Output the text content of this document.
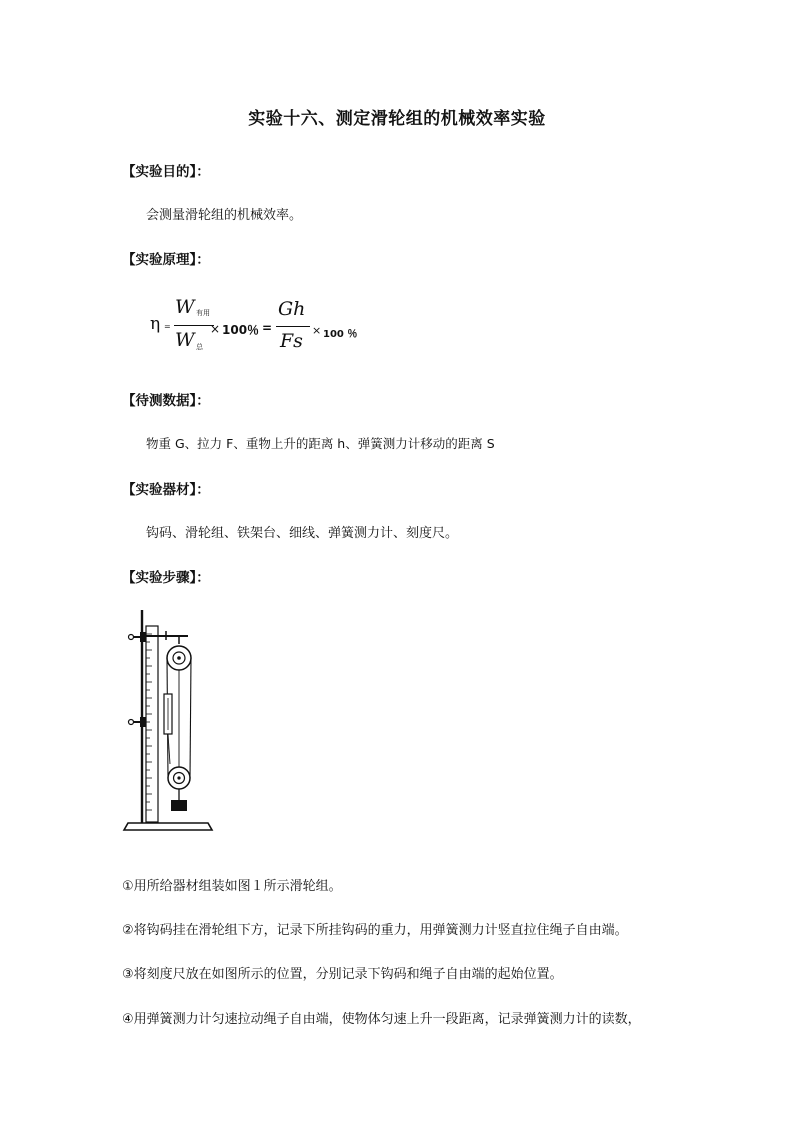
实验十六、测定滑轮组的机械效率实验
【实验目的】：
会测量滑轮组的机械效率。
【实验原理】：
η =
W 有用
W 总
× 100％ =
Gh
Fs × 100 ％
【待测数据】：
物重 G、拉力 F、重物上升的距离 h、弹簧测力计移动的距离 S
【实验器材】：
钩码、滑轮组、铁架台、细线、弹簧测力计、刻度尺。
【实验步骤】：
①用所给器材组装如图１所示滑轮组。
②将钩码挂在滑轮组下方，记录下所挂钩码的重力，用弹簧测力计竖直拉住绳子自由端。
③将刻度尺放在如图所示的位置，分别记录下钩码和绳子自由端的起始位置。
④用弹簧测力计匀速拉动绳子自由端，使物体匀速上升一段距离，记录弹簧测力计的读数，
